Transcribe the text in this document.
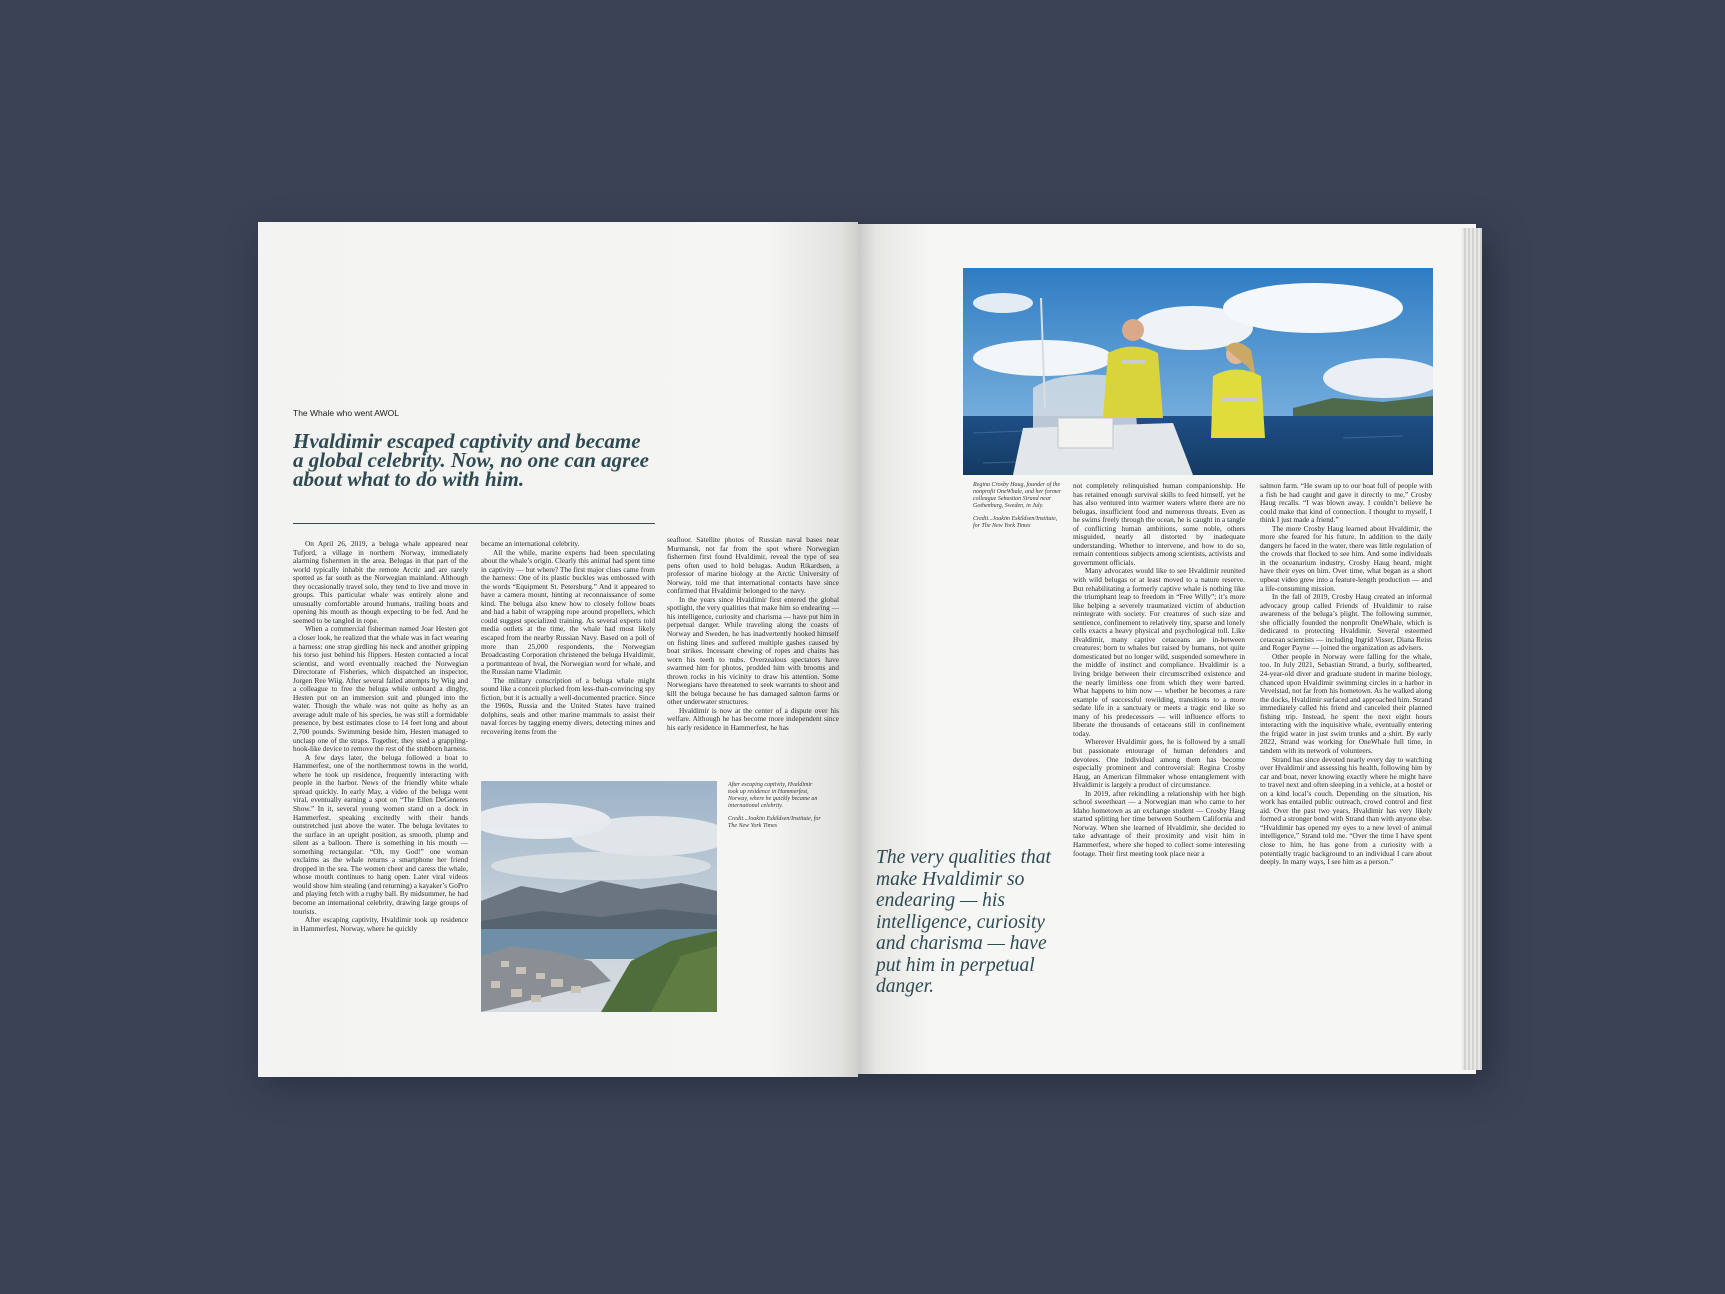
The Whale who went AWOL
Hvaldimir escaped captivity and became a global celebrity. Now, no one can agree about what to do with him.

On April 26, 2019, a beluga whale appeared near Tufjord, a village in northern Norway, immediately alarming fishermen in the area. Belugas in that part of the world typically inhabit the remote Arctic and are rarely spotted as far south as the Norwegian mainland. Although they occasionally travel solo, they tend to live and move in groups. This particular whale was entirely alone and unusually comfortable around humans, trailing boats and opening his mouth as though expecting to be fed. And he seemed to be tangled in rope.

When a commercial fisherman named Joar Hesten got a closer look, he realized that the whale was in fact wearing a harness: one strap girdling his neck and another gripping his torso just behind his flippers. Hesten contacted a local scientist, and word eventually reached the Norwegian Directorate of Fisheries, which dispatched an inspector, Jorgen Ree Wiig. After several failed attempts by Wiig and a colleague to free the beluga while onboard a dinghy, Hesten put on an immersion suit and plunged into the water. Though the whale was not quite as hefty as an average adult male of his species, he was still a formidable presence, by best estimates close to 14 feet long and about 2,700 pounds. Swimming beside him, Hesten managed to unclasp one of the straps. Together, they used a grappling-hook-like device to remove the rest of the stubborn harness.

A few days later, the beluga followed a boat to Hammerfest, one of the northernmost towns in the world, where he took up residence, frequently interacting with people in the harbor. News of the friendly white whale spread quickly. In early May, a video of the beluga went viral, eventually earning a spot on “The Ellen DeGeneres Show.” In it, several young women stand on a dock in Hammerfest, speaking excitedly with their hands outstretched just above the water. The beluga levitates to the surface in an upright position, as smooth, plump and silent as a balloon. There is something in his mouth — something rectangular. “Oh, my God!” one woman exclaims as the whale returns a smartphone her friend dropped in the sea. The women cheer and caress the whale, whose mouth continues to hang open. Later viral videos would show him stealing (and returning) a kayaker’s GoPro and playing fetch with a rugby ball. By midsummer, he had become an international celebrity, drawing large groups of tourists.

After escaping captivity, Hvaldimir took up residence in Hammerfest, Norway, where he quickly

became an international celebrity.

All the while, marine experts had been speculating about the whale’s origin. Clearly this animal had spent time in captivity — but where? The first major clues came from the harness: One of its plastic buckles was embossed with the words “Equipment St. Petersburg.” And it appeared to have a camera mount, hinting at reconnaissance of some kind. The beluga also knew how to closely follow boats and had a habit of wrapping rope around propellers, which could suggest specialized training. As several experts told media outlets at the time, the whale had most likely escaped from the nearby Russian Navy. Based on a poll of more than 25,000 respondents, the Norwegian Broadcasting Corporation christened the beluga Hvaldimir, a portmanteau of hval, the Norwegian word for whale, and the Russian name Vladimir.

The military conscription of a beluga whale might sound like a conceit plucked from less-than-convincing spy fiction, but it is actually a well-documented practice. Since the 1960s, Russia and the United States have trained dolphins, seals and other marine mammals to assist their naval forces by tagging enemy divers, detecting mines and recovering items from the

seafloor. Satellite photos of Russian naval bases near Murmansk, not far from the spot where Norwegian fishermen first found Hvaldimir, reveal the type of sea pens often used to hold belugas. Audun Rikardsen, a professor of marine biology at the Arctic University of Norway, told me that international contacts have since confirmed that Hvaldimir belonged to the navy.

In the years since Hvaldimir first entered the global spotlight, the very qualities that make him so endearing — his intelligence, curiosity and charisma — have put him in perpetual danger. While traveling along the coasts of Norway and Sweden, he has inadvertently hooked himself on fishing lines and suffered multiple gashes caused by boat strikes. Incessant chewing of ropes and chains has worn his teeth to nubs. Overzealous spectators have swarmed him for photos, prodded him with brooms and thrown rocks in his vicinity to draw his attention. Some Norwegians have threatened to seek warrants to shoot and kill the beluga because he has damaged salmon farms or other underwater structures.

Hvaldimir is now at the center of a dispute over his welfare. Although he has become more independent since his early residence in Hammerfest, he has

After escaping captivity, Hvaldimir took up residence in Hammerfest, Norway, where he quickly became an international celebrity.
Credit...Joakim Eskildsen/Institute, for The New York Times
Regina Crosby Haug, founder of the nonprofit OneWhale, and her former colleague Sebastian Strand near Gothenburg, Sweden, in July.
Credit...Joakim Eskildsen/Institute, for The New York Times

not completely relinquished human companionship. He has retained enough survival skills to feed himself, yet he has also ventured into warmer waters where there are no belugas, insufficient food and numerous threats. Even as he swims freely through the ocean, he is caught in a tangle of conflicting human ambitions, some noble, others misguided, nearly all distorted by inadequate understanding. Whether to intervene, and how to do so, remain contentious subjects among scientists, activists and government officials.

Many advocates would like to see Hvaldimir reunited with wild belugas or at least moved to a nature reserve. But rehabilitating a formerly captive whale is nothing like the triumphant leap to freedom in “Free Willy”; it’s more like helping a severely traumatized victim of abduction reintegrate with society. For creatures of such size and sentience, confinement to relatively tiny, sparse and lonely cells exacts a heavy physical and psychological toll. Like Hvaldimir, many captive cetaceans are in-between creatures: born to whales but raised by humans, not quite domesticated but no longer wild, suspended somewhere in the middle of instinct and compliance. Hvaldimir is a living bridge between their circumscribed existence and the nearly limitless one from which they were barred. What happens to him now — whether he becomes a rare example of successful rewilding, transitions to a more sedate life in a sanctuary or meets a tragic end like so many of his predecessors — will influence efforts to liberate the thousands of cetaceans still in confinement today.

Wherever Hvaldimir goes, he is followed by a small but passionate entourage of human defenders and devotees. One individual among them has become especially prominent and controversial: Regina Crosby Haug, an American filmmaker whose entanglement with Hvaldimir is largely a product of circumstance.

In 2019, after rekindling a relationship with her high school sweetheart — a Norwegian man who came to her Idaho hometown as an exchange student — Crosby Haug started splitting her time between Southern California and Norway. When she learned of Hvaldimir, she decided to take advantage of their proximity and visit him in Hammerfest, where she hoped to collect some interesting footage. Their first meeting took place near a

salmon farm. “He swam up to our boat full of people with a fish he had caught and gave it directly to me,” Crosby Haug recalls. “I was blown away. I couldn’t believe he could make that kind of connection. I thought to myself, I think I just made a friend.”

The more Crosby Haug learned about Hvaldimir, the more she feared for his future. In addition to the daily dangers he faced in the water, there was little regulation of the crowds that flocked to see him. And some individuals in the oceanarium industry, Crosby Haug heard, might have their eyes on him. Over time, what began as a short upbeat video grew into a feature-length production — and a life-consuming mission.

In the fall of 2019, Crosby Haug created an informal advocacy group called Friends of Hvaldimir to raise awareness of the beluga’s plight. The following summer, she officially founded the nonprofit OneWhale, which is dedicated to protecting Hvaldimir. Several esteemed cetacean scientists — including Ingrid Visser, Diana Reiss and Roger Payne — joined the organization as advisers.

Other people in Norway were falling for the whale, too. In July 2021, Sebastian Strand, a burly, softhearted, 24-year-old diver and graduate student in marine biology, chanced upon Hvaldimir swimming circles in a harbor in Vevelstad, not far from his hometown. As he walked along the docks, Hvaldimir surfaced and approached him. Strand immediately called his friend and canceled their planned fishing trip. Instead, he spent the next eight hours interacting with the inquisitive whale, eventually entering the frigid water in just swim trunks and a shirt. By early 2022, Strand was working for OneWhale full time, in tandem with its network of volunteers.

Strand has since devoted nearly every day to watching over Hvaldimir and assessing his health, following him by car and boat, never knowing exactly where he might have to travel next and often sleeping in a vehicle, at a hostel or on a kind local’s couch. Depending on the situation, his work has entailed public outreach, crowd control and first aid. Over the past two years, Hvaldimir has very likely formed a stronger bond with Strand than with anyone else. “Hvaldimir has opened my eyes to a new level of animal intelligence,” Strand told me. “Over the time I have spent close to him, he has gone from a curiosity with a potentially tragic background to an individual I care about deeply. In many ways, I see him as a person.”

The very qualities that make Hvaldimir so endearing — his intelligence, curiosity and charisma — have put him in perpetual danger.
